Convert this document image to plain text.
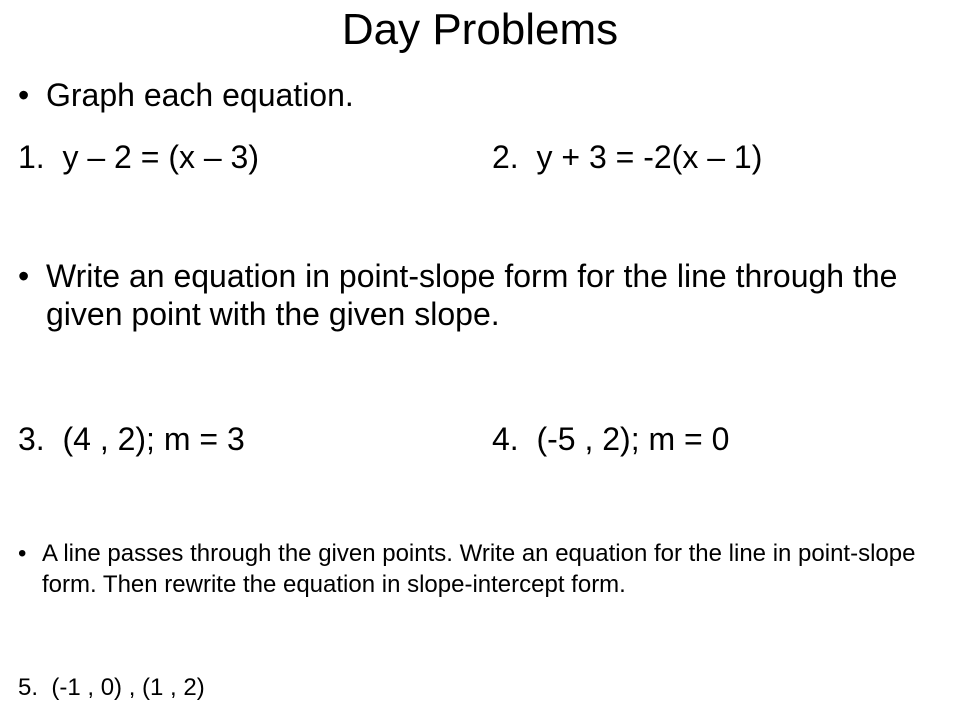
Day Problems
• Graph each equation.
1.  y – 2 = (x – 3)	2.  y + 3 = -2(x – 1)
• Write an equation in point-slope form for the line through the given point with the given slope.
3.  (4 , 2); m = 3	4.  (-5 , 2); m = 0
• A line passes through the given points. Write an equation for the line in point-slope form. Then rewrite the equation in slope-intercept form.
5.  (-1 , 0) , (1 , 2)
